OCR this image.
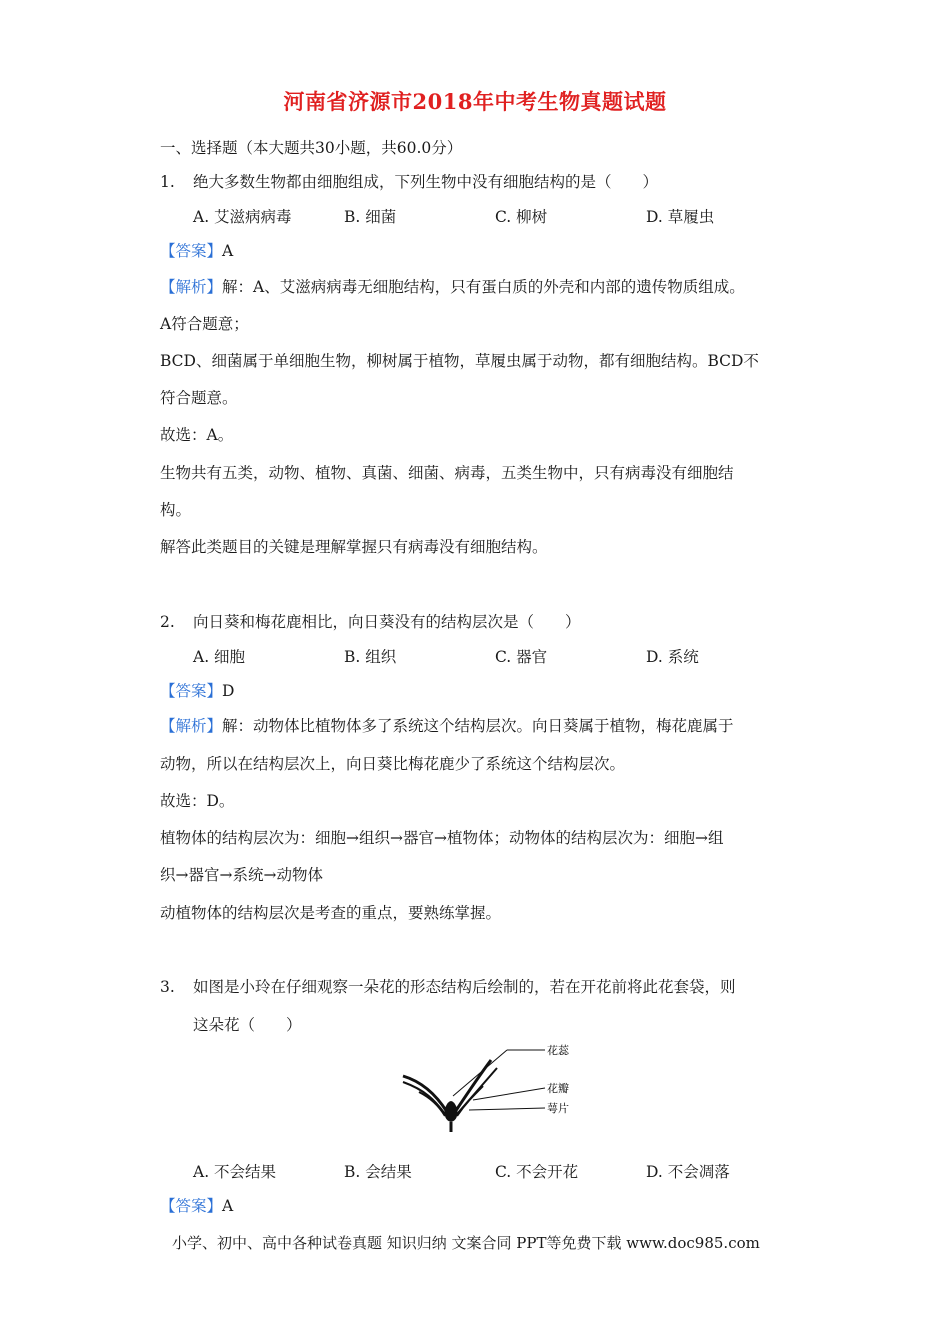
河南省济源市2018年中考生物真题试题
一、选择题（本大题共30小题，共60.0分）
1. 绝大多数生物都由细胞组成，下列生物中没有细胞结构的是（　　）
A. 艾滋病病毒	B. 细菌	C. 柳树	D. 草履虫
【答案】A
【解析】解：A、艾滋病病毒无细胞结构，只有蛋白质的外壳和内部的遗传物质组成。
A符合题意；
BCD、细菌属于单细胞生物，柳树属于植物，草履虫属于动物，都有细胞结构。BCD不
符合题意。
故选：A。
生物共有五类，动物、植物、真菌、细菌、病毒，五类生物中，只有病毒没有细胞结
构。
解答此类题目的关键是理解掌握只有病毒没有细胞结构。
2. 向日葵和梅花鹿相比，向日葵没有的结构层次是（　　）
A. 细胞	B. 组织	C. 器官	D. 系统
【答案】D
【解析】解：动物体比植物体多了系统这个结构层次。向日葵属于植物，梅花鹿属于
动物，所以在结构层次上，向日葵比梅花鹿少了系统这个结构层次。
故选：D。
植物体的结构层次为：细胞→组织→器官→植物体；动物体的结构层次为：细胞→组
织→器官→系统→动物体
动植物体的结构层次是考查的重点，要熟练掌握。
3. 如图是小玲在仔细观察一朵花的形态结构后绘制的，若在开花前将此花套袋，则
这朵花（　　）
花蕊
花瓣
萼片
A. 不会结果	B. 会结果	C. 不会开花	D. 不会凋落
【答案】A
小学、初中、高中各种试卷真题 知识归纳 文案合同 PPT等免费下载 www.doc985.com
